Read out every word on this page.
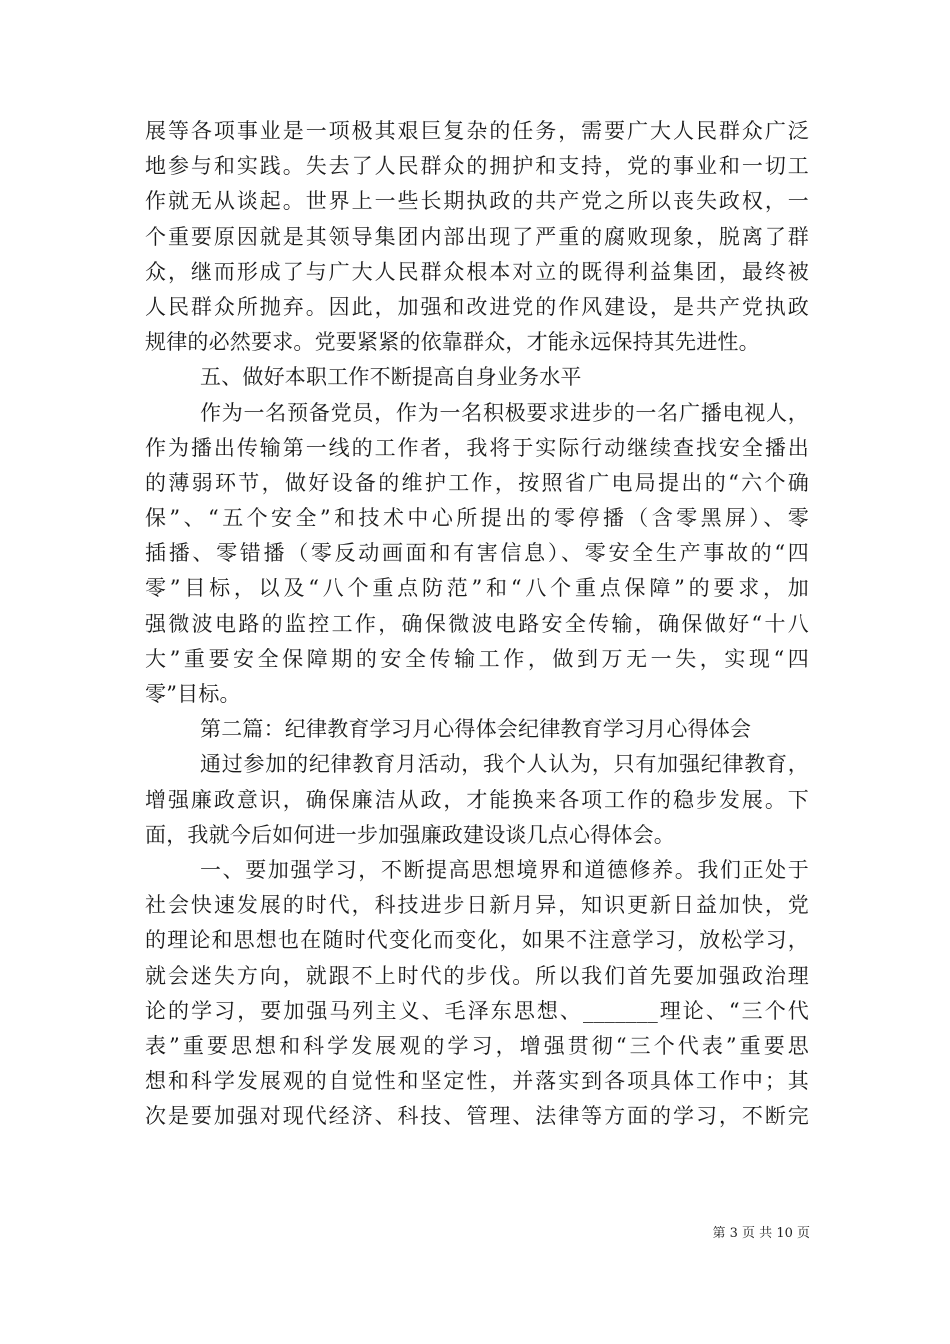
展等各项事业是一项极其艰巨复杂的任务，需要广大人民群众广泛
地参与和实践。失去了人民群众的拥护和支持，党的事业和一切工
作就无从谈起。世界上一些长期执政的共产党之所以丧失政权，一
个重要原因就是其领导集团内部出现了严重的腐败现象，脱离了群
众，继而形成了与广大人民群众根本对立的既得利益集团，最终被
人民群众所抛弃。因此，加强和改进党的作风建设，是共产党执政
规律的必然要求。党要紧紧的依靠群众，才能永远保持其先进性。
五、做好本职工作不断提高自身业务水平
作为一名预备党员，作为一名积极要求进步的一名广播电视人，
作为播出传输第一线的工作者，我将于实际行动继续查找安全播出
的薄弱环节，做好设备的维护工作，按照省广电局提出的“六个确
保”、“五个安全”和技术中心所提出的零停播（含零黑屏）、零
插播、零错播（零反动画面和有害信息）、零安全生产事故的“四
零”目标，以及“八个重点防范”和“八个重点保障”的要求，加
强微波电路的监控工作，确保微波电路安全传输，确保做好“十八
大”重要安全保障期的安全传输工作，做到万无一失，实现“四
零”目标。
第二篇：纪律教育学习月心得体会纪律教育学习月心得体会
通过参加的纪律教育月活动，我个人认为，只有加强纪律教育，
增强廉政意识，确保廉洁从政，才能换来各项工作的稳步发展。下
面，我就今后如何进一步加强廉政建设谈几点心得体会。
一、要加强学习，不断提高思想境界和道德修养。我们正处于
社会快速发展的时代，科技进步日新月异，知识更新日益加快，党
的理论和思想也在随时代变化而变化，如果不注意学习，放松学习，
就会迷失方向，就跟不上时代的步伐。所以我们首先要加强政治理
论的学习，要加强马列主义、毛泽东思想、_______理论、“三个代
表”重要思想和科学发展观的学习，增强贯彻“三个代表”重要思
想和科学发展观的自觉性和坚定性，并落实到各项具体工作中；其
次是要加强对现代经济、科技、管理、法律等方面的学习，不断完
第 3 页 共 10 页
